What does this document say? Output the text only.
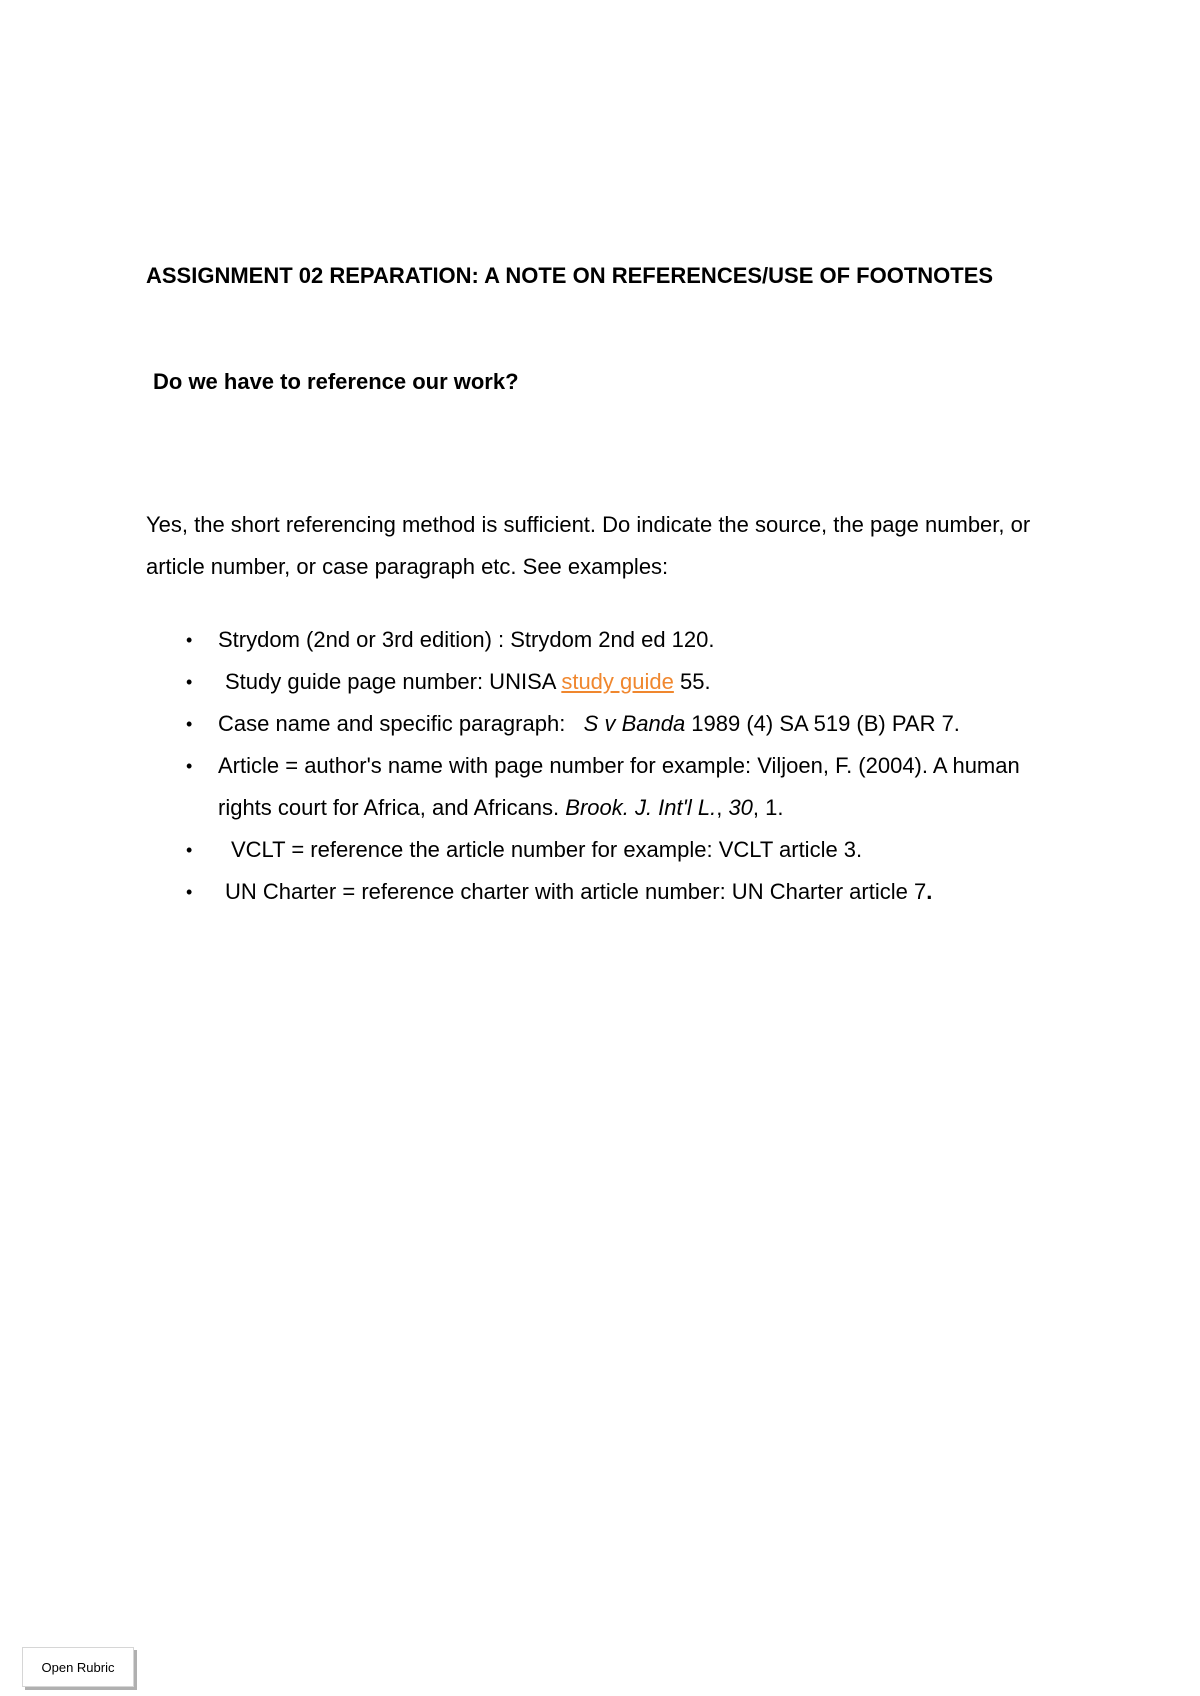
ASSIGNMENT 02 REPARATION: A NOTE ON REFERENCES/USE OF FOOTNOTES

Do we have to reference our work?

Yes, the short referencing method is sufficient. Do indicate the source, the page number, or article number, or case paragraph etc. See examples:

• Strydom (2nd or 3rd edition) : Strydom 2nd ed 120.
• Study guide page number: UNISA study guide 55.
• Case name and specific paragraph: S v Banda 1989 (4) SA 519 (B) PAR 7.
• Article = author's name with page number for example: Viljoen, F. (2004). A human rights court for Africa, and Africans. Brook. J. Int'l L., 30, 1.
• VCLT = reference the article number for example: VCLT article 3.
• UN Charter = reference charter with article number: UN Charter article 7.
Open Rubric
